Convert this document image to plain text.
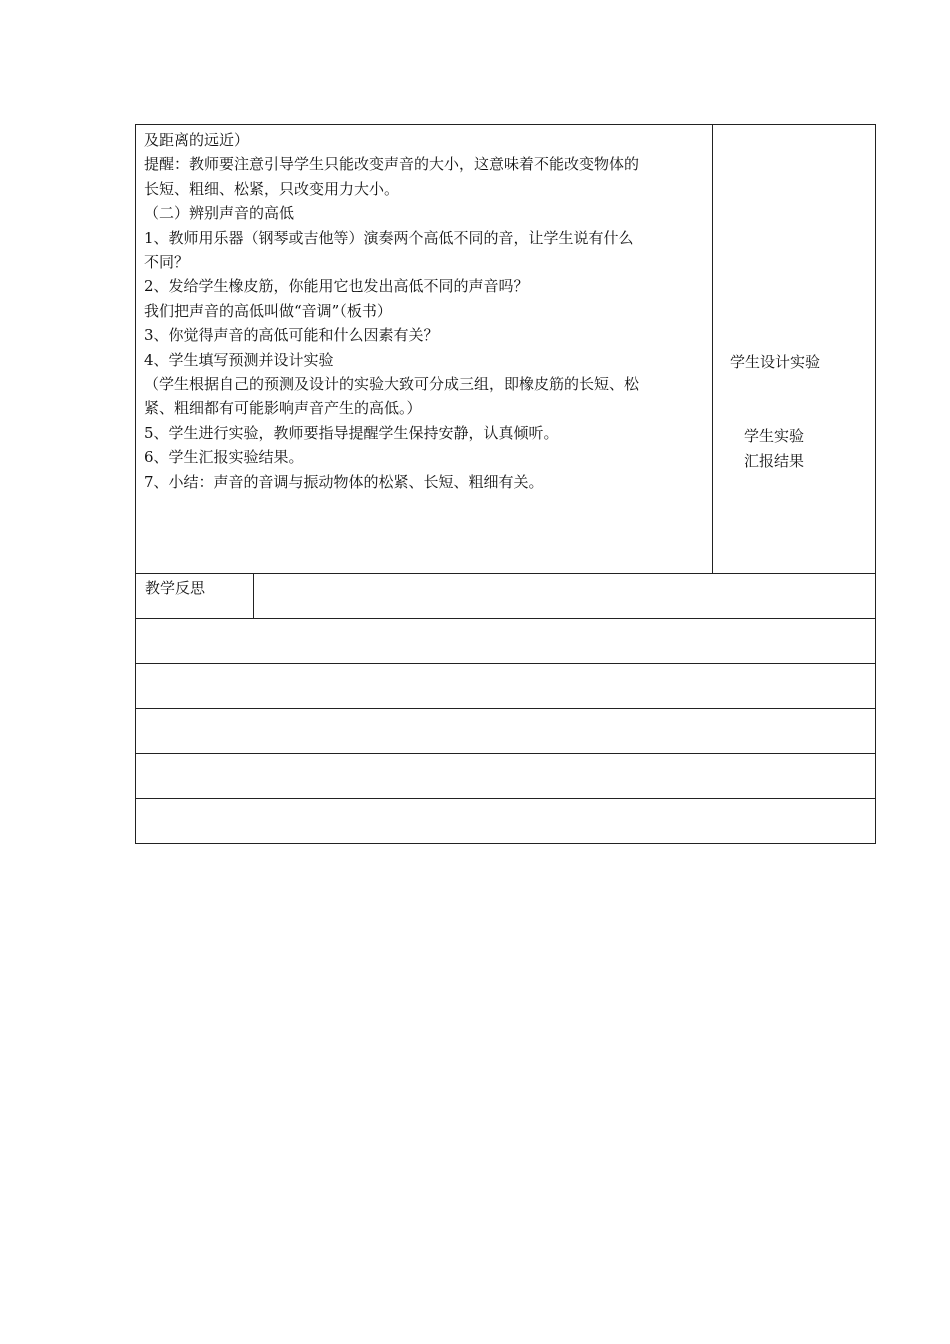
及距离的远近）
提醒：教师要注意引导学生只能改变声音的大小，这意味着不能改变物体的
长短、粗细、松紧，只改变用力大小。
（二）辨别声音的高低
1、教师用乐器（钢琴或吉他等）演奏两个高低不同的音，让学生说有什么
不同？
2、发给学生橡皮筋，你能用它也发出高低不同的声音吗？
我们把声音的高低叫做“音调”（板书）
3、你觉得声音的高低可能和什么因素有关？
4、学生填写预测并设计实验
（学生根据自己的预测及设计的实验大致可分成三组，即橡皮筋的长短、松
紧、粗细都有可能影响声音产生的高低。）
5、学生进行实验，教师要指导提醒学生保持安静，认真倾听。
6、学生汇报实验结果。
7、小结：声音的音调与振动物体的松紧、长短、粗细有关。
学生设计实验
学生实验
汇报结果
教学反思
